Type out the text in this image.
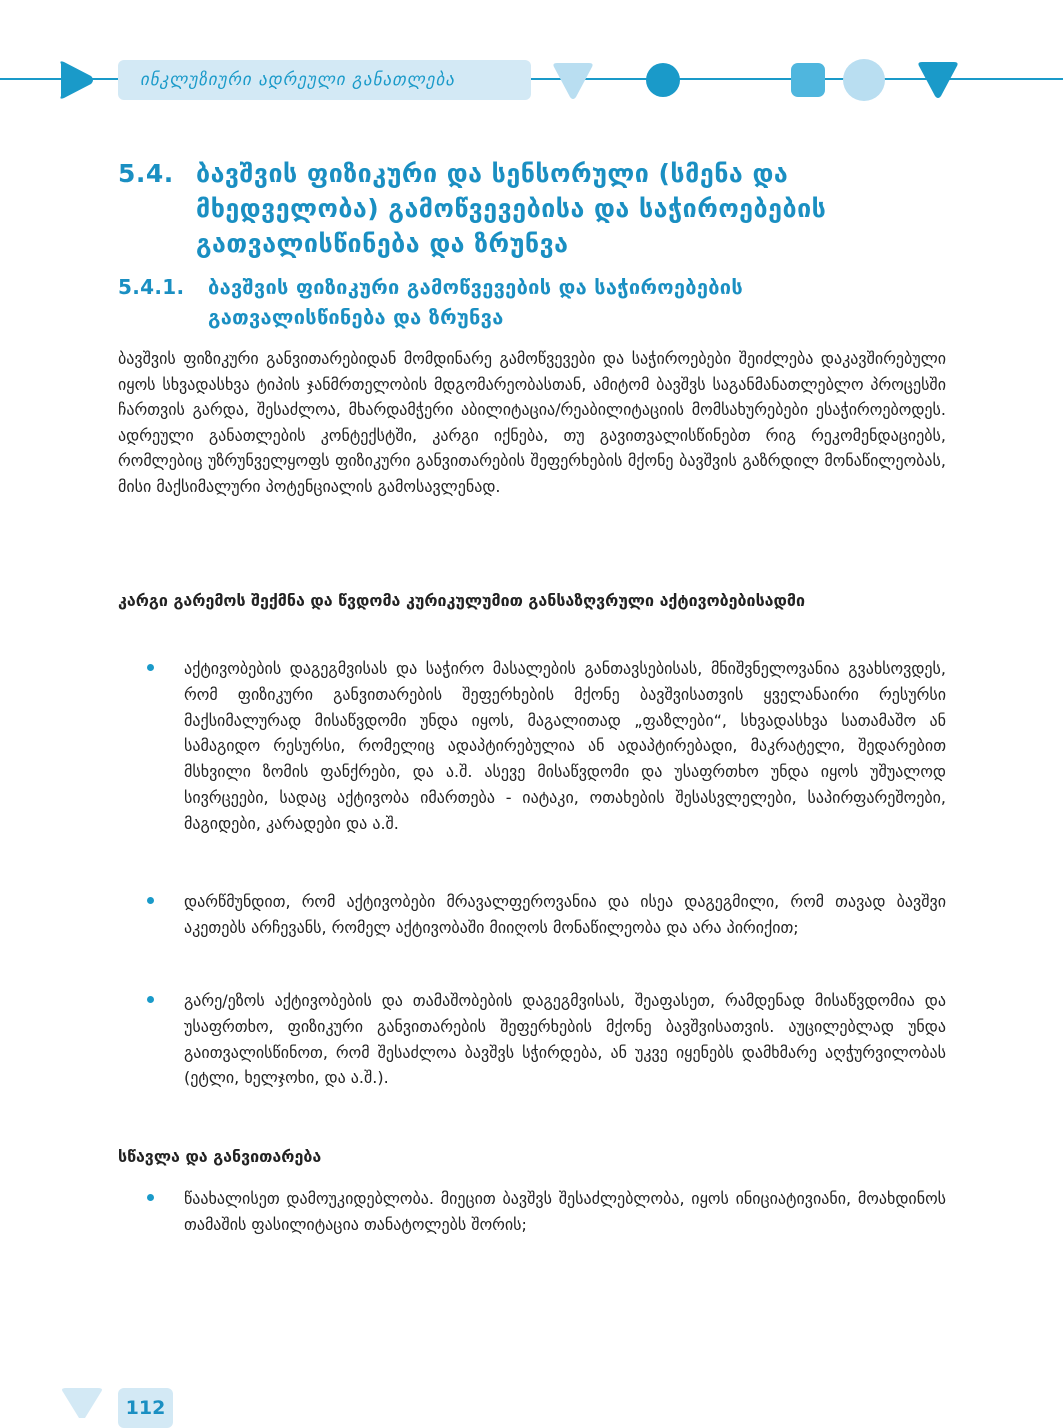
ინკლუზიური ადრეული განათლება
5.4. ბავშვის ფიზიკური და სენსორული (სმენა და მხედველობა) გამოწვევებისა და საჭიროებების გათვალისწინება და ზრუნვა
5.4.1. ბავშვის ფიზიკური გამოწვევების და საჭიროებების გათვალისწინება და ზრუნვა
ბავშვის ფიზიკური განვითარებიდან მომდინარე გამოწვევები და საჭიროებები შეიძლება დაკავშირებული იყოს სხვადასხვა ტიპის ჯანმრთელობის მდგომარეობასთან, ამიტომ ბავშვს საგანმანათლებლო პროცესში ჩართვის გარდა, შესაძლოა, მხარდამჭერი აბილიტაცია/რეაბილიტაციის მომსახურებები ესაჭიროებოდეს. ადრეული განათლების კონტექსტში, კარგი იქნება, თუ გავითვალისწინებთ რიგ რეკომენდაციებს, რომლებიც უზრუნველყოფს ფიზიკური განვითარების შეფერხების მქონე ბავშვის გაზრდილ მონაწილეობას, მისი მაქსიმალური პოტენციალის გამოსავლენად.
კარგი გარემოს შექმნა და წვდომა კურიკულუმით განსაზღვრული აქტივობებისადმი
აქტივობების დაგეგმვისას და საჭირო მასალების განთავსებისას, მნიშვნელოვანია გვახსოვდეს, რომ ფიზიკური განვითარების შეფერხების მქონე ბავშვისათვის ყველანაირი რესურსი მაქსიმალურად მისაწვდომი უნდა იყოს, მაგალითად „ფაზლები“, სხვადასხვა სათამაშო ან სამაგიდო რესურსი, რომელიც ადაპტირებულია ან ადაპტირებადი, მაკრატელი, შედარებით მსხვილი ზომის ფანქრები, და ა.შ. ასევე მისაწვდომი და უსაფრთხო უნდა იყოს უშუალოდ სივრცეები, სადაც აქტივობა იმართება - იატაკი, ოთახების შესასვლელები, საპირფარეშოები, მაგიდები, კარადები და ა.შ.
დარწმუნდით, რომ აქტივობები მრავალფეროვანია და ისეა დაგეგმილი, რომ თავად ბავშვი აკეთებს არჩევანს, რომელ აქტივობაში მიიღოს მონაწილეობა და არა პირიქით;
გარე/ეზოს აქტივობების და თამაშობების დაგეგმვისას, შეაფასეთ, რამდენად მისაწვდომია და უსაფრთხო, ფიზიკური განვითარების შეფერხების მქონე ბავშვისათვის. აუცილებლად უნდა გაითვალისწინოთ, რომ შესაძლოა ბავშვს სჭირდება, ან უკვე იყენებს დამხმარე აღჭურვილობას (ეტლი, ხელჯოხი, და ა.შ.).
სწავლა და განვითარება
წაახალისეთ დამოუკიდებლობა. მიეცით ბავშვს შესაძლებლობა, იყოს ინიციატივიანი, მოახდინოს თამაშის ფასილიტაცია თანატოლებს შორის;
112
